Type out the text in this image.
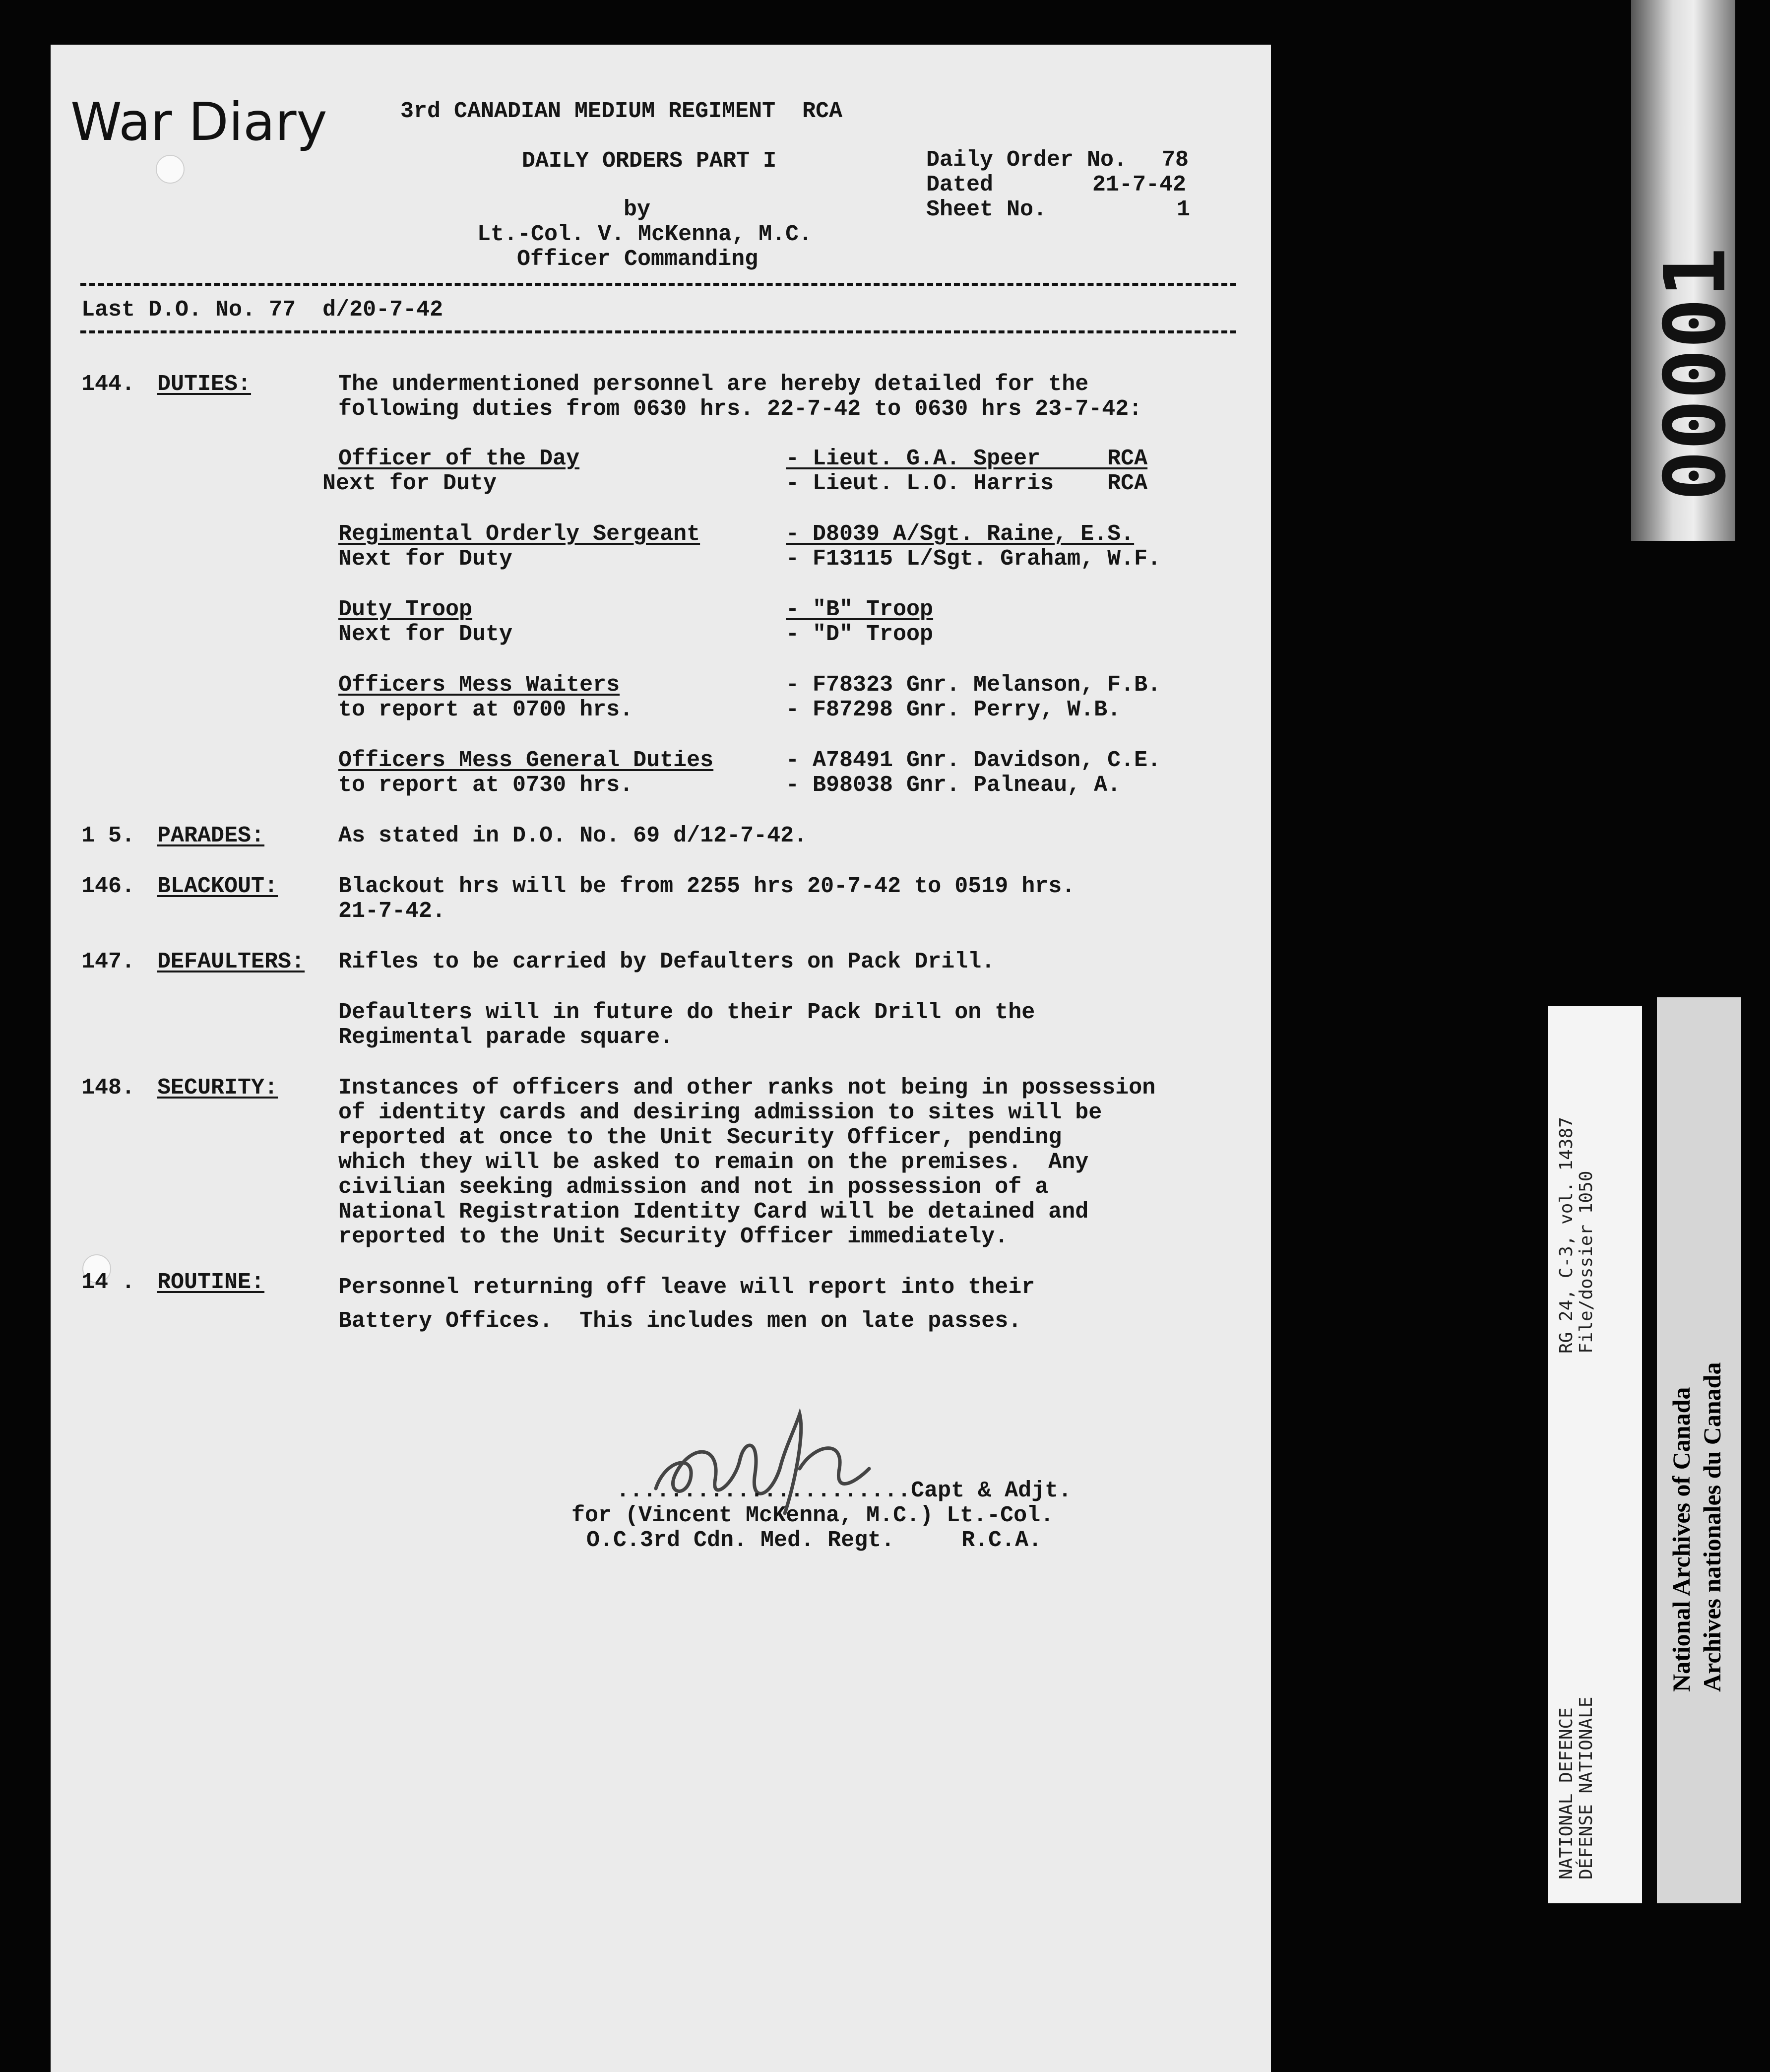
War Diary	3rd CANADIAN MEDIUM REGIMENT  RCA
DAILY ORDERS PART I
by
Lt.-Col. V. McKenna, M.C.
Officer Commanding
Daily Order No. 78
Dated	21-7-42
Sheet No.	1
Last D.O. No. 77  d/20-7-42
144. DUTIES:	The undermentioned personnel are hereby detailed for the
following duties from 0630 hrs. 22-7-42 to 0630 hrs 23-7-42:
Officer of the Day	- Lieut. G.A. Speer     RCA
Next for Duty	- Lieut. L.O. Harris    RCA
Regimental Orderly Sergeant	- D8039 A/Sgt. Raine, E.S.
Next for Duty	- F13115 L/Sgt. Graham, W.F.
Duty Troop	- "B" Troop
Next for Duty	- "D" Troop
Officers Mess Waiters	- F78323 Gnr. Melanson, F.B.
to report at 0700 hrs.	- F87298 Gnr. Perry, W.B.
Officers Mess General Duties	- A78491 Gnr. Davidson, C.E.
to report at 0730 hrs.	- B98038 Gnr. Palneau, A.
1 5. PARADES:	As stated in D.O. No. 69 d/12-7-42.
146. BLACKOUT:	Blackout hrs will be from 2255 hrs 20-7-42 to 0519 hrs.
21-7-42.
147. DEFAULTERS: Rifles to be carried by Defaulters on Pack Drill.
Defaulters will in future do their Pack Drill on the
Regimental parade square.
148. SECURITY:	Instances of officers and other ranks not being in possession
of identity cards and desiring admission to sites will be
reported at once to the Unit Security Officer, pending
which they will be asked to remain on the premises.  Any
civilian seeking admission and not in possession of a
National Registration Identity Card will be detained and
reported to the Unit Security Officer immediately.
14 . ROUTINE:	Personnel returning off leave will report into their
Battery Offices.  This includes men on late passes.
......................Capt & Adjt.
for (Vincent McKenna, M.C.) Lt.-Col.
O.C.3rd Cdn. Med. Regt.     R.C.A.
00001
NATIONAL DEFENCE DÉFENSE NATIONALE
RG 24, C-3, vol. 14387 File/dossier 1050
National Archives of Canada Archives nationales du Canada
